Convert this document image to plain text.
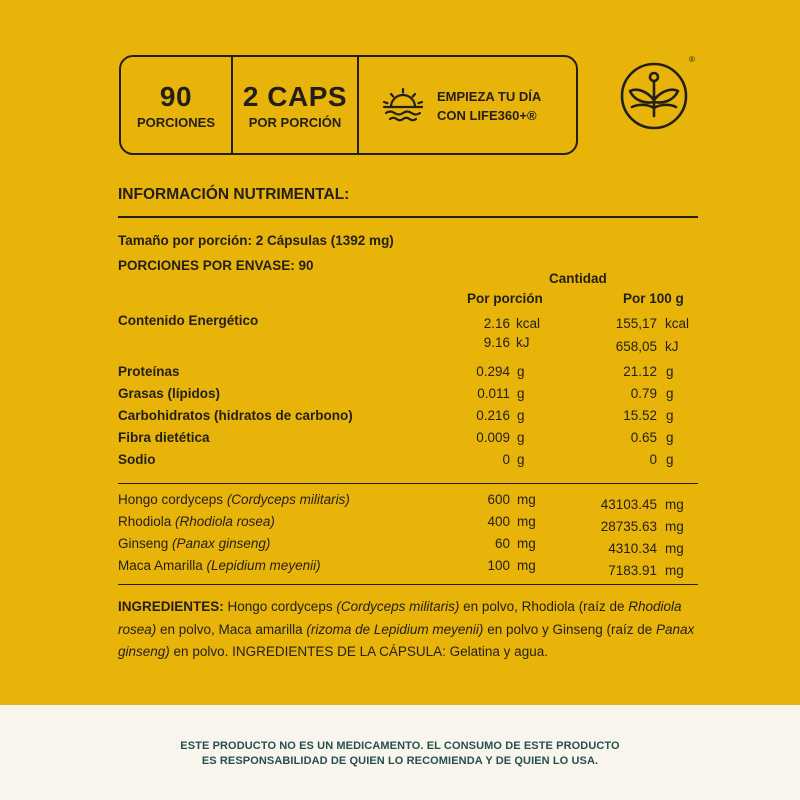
90
PORCIONES
2 CAPS
POR PORCIÓN
EMPIEZA TU DÍA
CON LIFE360+®
®
INFORMACIÓN NUTRIMENTAL:
Tamaño por porción: 2 Cápsulas (1392 mg)
PORCIONES POR ENVASE: 90
Cantidad
Por porción	Por 100 g
Contenido Energético	2.16 kcal	155,17 kcal
9.16 kJ	658,05 kJ
Proteínas	0.294 g	21.12 g
Grasas (lípidos)	0.011 g	0.79 g
Carbohidratos (hidratos de carbono)	0.216 g	15.52 g
Fibra dietética	0.009 g	0.65 g
Sodio	0 g	0 g
Hongo cordyceps (Cordyceps militaris)	600 mg	43103.45 mg
Rhodiola (Rhodiola rosea)	400 mg	28735.63 mg
Ginseng (Panax ginseng)	60 mg	4310.34 mg
Maca Amarilla (Lepidium meyenii)	100 mg	7183.91 mg
INGREDIENTES: Hongo cordyceps (Cordyceps militaris) en polvo, Rhodiola (raíz de Rhodiola rosea) en polvo, Maca amarilla (rizoma de Lepidium meyenii) en polvo y Ginseng (raíz de Panax ginseng) en polvo. INGREDIENTES DE LA CÁPSULA: Gelatina y agua.
ESTE PRODUCTO NO ES UN MEDICAMENTO. EL CONSUMO DE ESTE PRODUCTO
ES RESPONSABILIDAD DE QUIEN LO RECOMIENDA Y DE QUIEN LO USA.
